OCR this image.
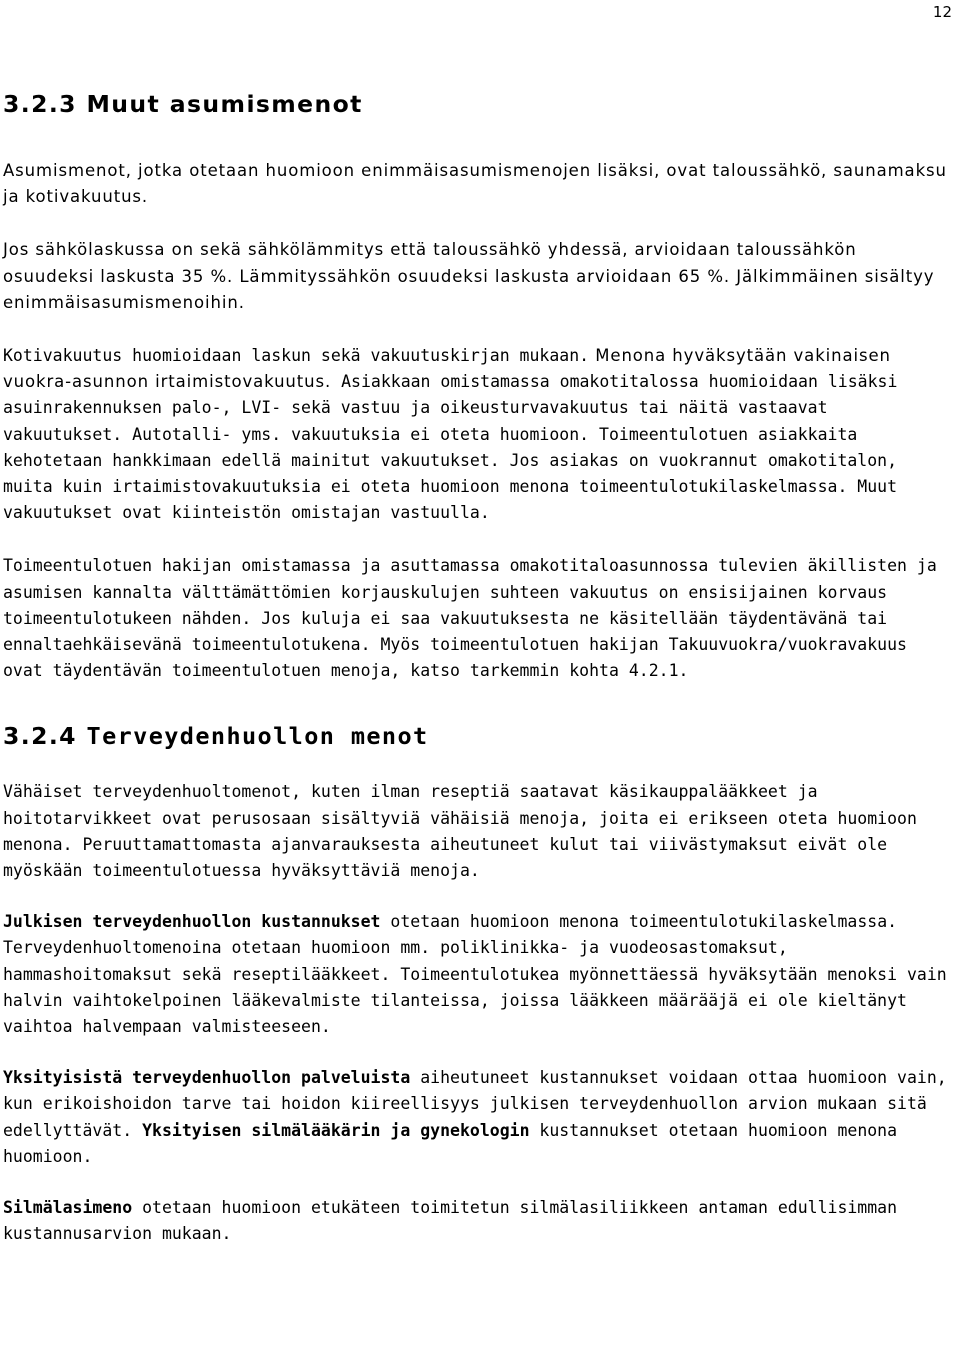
12
3.2.3 Muut asumismenot

Asumismenot, jotka otetaan huomioon enimmäisasumismenojen lisäksi, ovat taloussähkö, saunamaksu ja kotivakuutus.

Jos sähkölaskussa on sekä sähkölämmitys että taloussähkö yhdessä, arvioidaan taloussähkön osuudeksi laskusta 35 %. Lämmityssähkön osuudeksi laskusta arvioidaan 65 %. Jälkimmäinen sisältyy enimmäisasumismenoihin.

Kotivakuutus huomioidaan laskun sekä vakuutuskirjan mukaan. Menona hyväksytään vakinaisen vuokra-asunnon irtaimistovakuutus. Asiakkaan omistamassa omakotitalossa huomioidaan lisäksi asuinrakennuksen palo-, LVI- sekä vastuu ja oikeusturvavakuutus tai näitä vastaavat vakuutukset. Autotalli- yms. vakuutuksia ei oteta huomioon. Toimeentulotuen asiakkaita kehotetaan hankkimaan edellä mainitut vakuutukset. Jos asiakas on vuokrannut omakotitalon, muita kuin irtaimistovakuutuksia ei oteta huomioon menona toimeentulotukilaskelmassa. Muut vakuutukset ovat kiinteistön omistajan vastuulla.

Toimeentulotuen hakijan omistamassa ja asuttamassa omakotitaloasunnossa tulevien äkillisten ja asumisen kannalta välttämättömien korjauskulujen suhteen vakuutus on ensisijainen korvaus toimeentulotukeen nähden. Jos kuluja ei saa vakuutuksesta ne käsitellään täydentävänä tai ennaltaehkäisevänä toimeentulotukena. Myös toimeentulotuen hakijan Takuuvuokra/vuokravakuus ovat täydentävän toimeentulotuen menoja, katso tarkemmin kohta 4.2.1.

3.2.4 Terveydenhuollon menot

Vähäiset terveydenhuoltomenot, kuten ilman reseptiä saatavat käsikauppalääkkeet ja hoitotarvikkeet ovat perusosaan sisältyviä vähäisiä menoja, joita ei erikseen oteta huomioon menona. Peruuttamattomasta ajanvarauksesta aiheutuneet kulut tai viivästymaksut eivät ole myöskään toimeentulotuessa hyväksyttäviä menoja.

Julkisen terveydenhuollon kustannukset otetaan huomioon menona toimeentulotukilaskelmassa. Terveydenhuoltomenoina otetaan huomioon mm. poliklinikka- ja vuodeosastomaksut, hammashoitomaksut sekä reseptilääkkeet. Toimeentulotukea myönnettäessä hyväksytään menoksi vain halvin vaihtokelpoinen lääkevalmiste tilanteissa, joissa lääkkeen määrääjä ei ole kieltänyt vaihtoa halvempaan valmisteeseen.

Yksityisistä terveydenhuollon palveluista aiheutuneet kustannukset voidaan ottaa huomioon vain, kun erikoishoidon tarve tai hoidon kiireellisyys julkisen terveydenhuollon arvion mukaan sitä edellyttävät. Yksityisen silmälääkärin ja gynekologin kustannukset otetaan huomioon menona huomioon.

Silmälasimeno otetaan huomioon etukäteen toimitetun silmälasiliikkeen antaman edullisimman kustannusarvion mukaan.
